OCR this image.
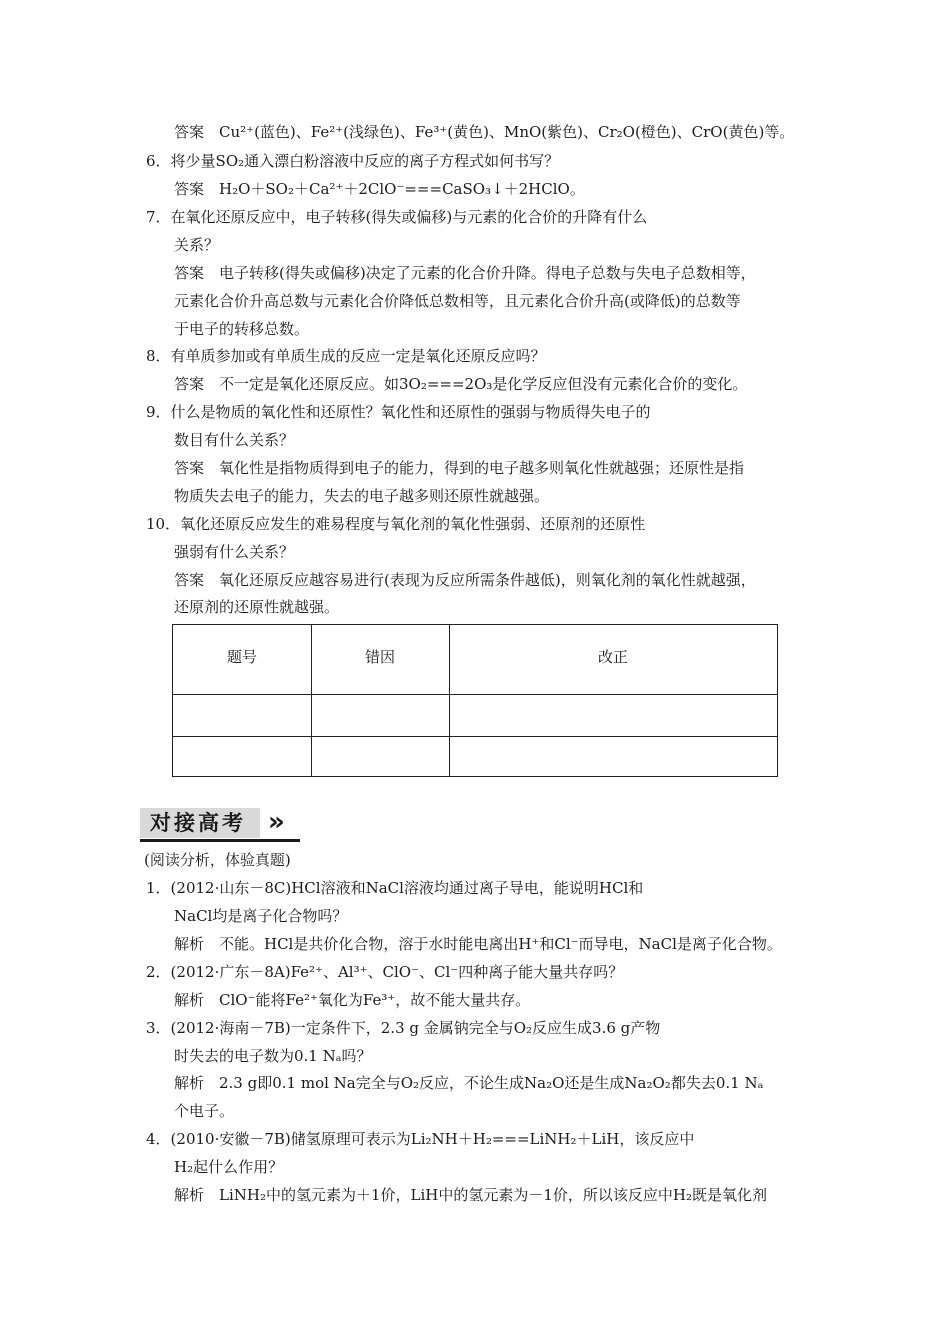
答案　Cu²⁺(蓝色)、Fe²⁺(浅绿色)、Fe³⁺(黄色)、MnO(紫色)、Cr₂O(橙色)、CrO(黄色)等。
6．将少量SO₂通入漂白粉溶液中反应的离子方程式如何书写？
答案　H₂O＋SO₂＋Ca²⁺＋2ClO⁻===CaSO₃↓＋2HClO。
7．在氧化还原反应中，电子转移(得失或偏移)与元素的化合价的升降有什么
关系？
答案　电子转移(得失或偏移)决定了元素的化合价升降。得电子总数与失电子总数相等，
元素化合价升高总数与元素化合价降低总数相等，且元素化合价升高(或降低)的总数等
于电子的转移总数。
8．有单质参加或有单质生成的反应一定是氧化还原反应吗？
答案　不一定是氧化还原反应。如3O₂===2O₃是化学反应但没有元素化合价的变化。
9．什么是物质的氧化性和还原性？氧化性和还原性的强弱与物质得失电子的
数目有什么关系？
答案　氧化性是指物质得到电子的能力，得到的电子越多则氧化性就越强；还原性是指
物质失去电子的能力，失去的电子越多则还原性就越强。
10．氧化还原反应发生的难易程度与氧化剂的氧化性强弱、还原剂的还原性
强弱有什么关系？
答案　氧化还原反应越容易进行(表现为反应所需条件越低)，则氧化剂的氧化性就越强，
还原剂的还原性就越强。
题号	错因	改正
对接高考 »
(阅读分析，体验真题)
1．(2012·山东－8C)HCl溶液和NaCl溶液均通过离子导电，能说明HCl和
NaCl均是离子化合物吗？
解析　不能。HCl是共价化合物，溶于水时能电离出H⁺和Cl⁻而导电，NaCl是离子化合物。
2．(2012·广东－8A)Fe²⁺、Al³⁺、ClO⁻、Cl⁻四种离子能大量共存吗？
解析　ClO⁻能将Fe²⁺氧化为Fe³⁺，故不能大量共存。
3．(2012·海南－7B)一定条件下，2.3 g 金属钠完全与O₂反应生成3.6 g产物
时失去的电子数为0.1 Nₐ吗？
解析　2.3 g即0.1 mol Na完全与O₂反应，不论生成Na₂O还是生成Na₂O₂都失去0.1 Nₐ
个电子。
4．(2010·安徽－7B)储氢原理可表示为Li₂NH＋H₂===LiNH₂＋LiH，该反应中
H₂起什么作用？
解析　LiNH₂中的氢元素为＋1价，LiH中的氢元素为－1价，所以该反应中H₂既是氧化剂
